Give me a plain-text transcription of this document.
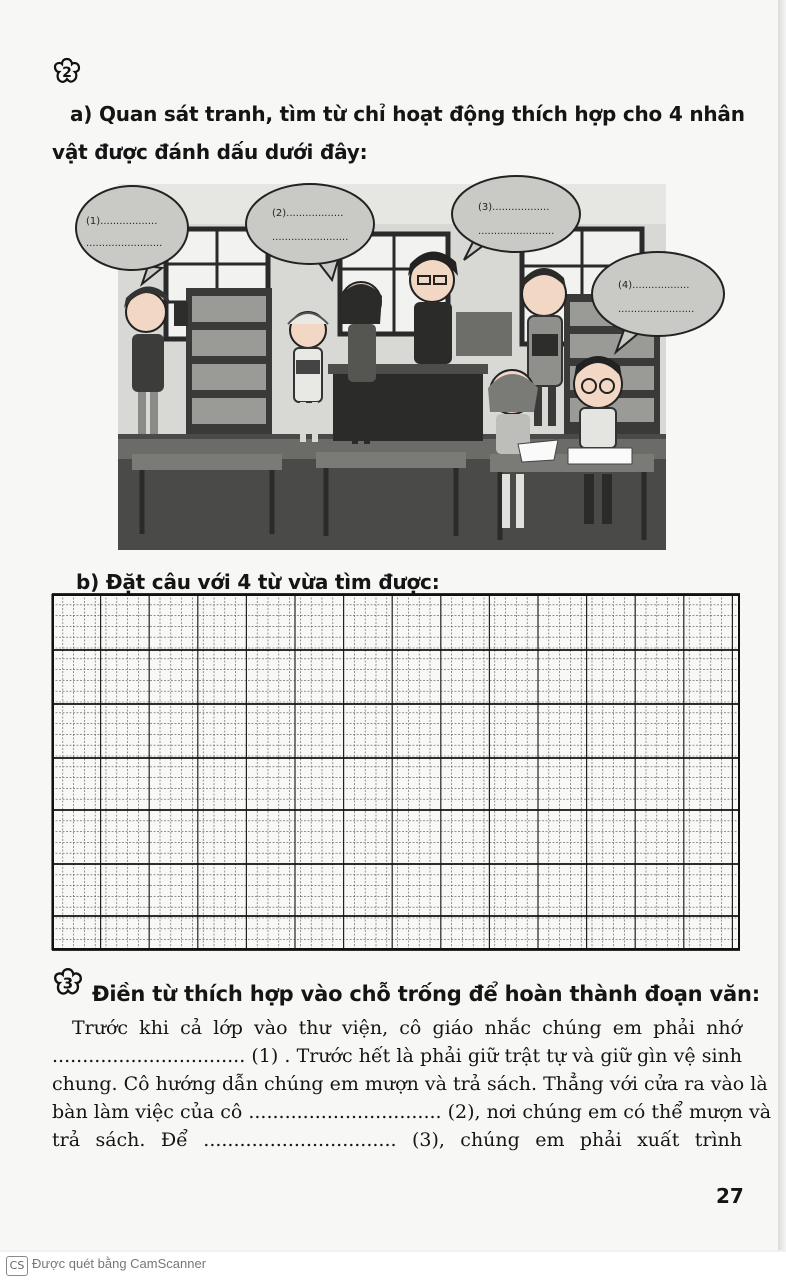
2
a) Quan sát tranh, tìm từ chỉ hoạt động thích hợp cho 4 nhân
vật được đánh dấu dưới đây:
(1)..................
........................
(2)..................
........................
(3)..................
........................
(4)..................
........................
b) Đặt câu với 4 từ vừa tìm được:
3 Điền từ thích hợp vào chỗ trống để hoàn thành đoạn văn:
Trước khi cả lớp vào thư viện, cô giáo nhắc chúng em phải nhớ
................................ (1) . Trước hết là phải giữ trật tự và giữ gìn vệ sinh
chung. Cô hướng dẫn chúng em mượn và trả sách. Thẳng với cửa ra vào là
bàn làm việc của cô ................................ (2), nơi chúng em có thể mượn và
trả sách. Để ................................ (3), chúng em phải xuất trình
27
CS Được quét bằng CamScanner
